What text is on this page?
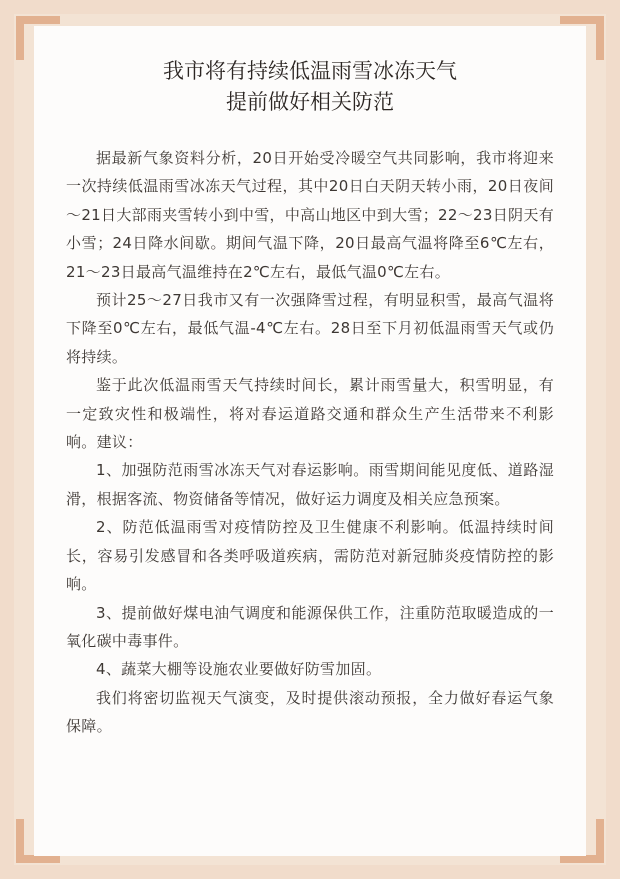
我市将有持续低温雨雪冰冻天气
提前做好相关防范

据最新气象资料分析，20日开始受冷暖空气共同影响，我市将迎来一次持续低温雨雪冰冻天气过程，其中20日白天阴天转小雨，20日夜间～21日大部雨夹雪转小到中雪，中高山地区中到大雪；22～23日阴天有小雪；24日降水间歇。期间气温下降，20日最高气温将降至6℃左右，21～23日最高气温维持在2℃左右，最低气温0℃左右。

预计25～27日我市又有一次强降雪过程，有明显积雪，最高气温将下降至0℃左右，最低气温-4℃左右。28日至下月初低温雨雪天气或仍将持续。

鉴于此次低温雨雪天气持续时间长，累计雨雪量大，积雪明显，有一定致灾性和极端性，将对春运道路交通和群众生产生活带来不利影响。建议：

1、加强防范雨雪冰冻天气对春运影响。雨雪期间能见度低、道路湿滑，根据客流、物资储备等情况，做好运力调度及相关应急预案。

2、防范低温雨雪对疫情防控及卫生健康不利影响。低温持续时间长，容易引发感冒和各类呼吸道疾病，需防范对新冠肺炎疫情防控的影响。

3、提前做好煤电油气调度和能源保供工作，注重防范取暖造成的一氧化碳中毒事件。

4、蔬菜大棚等设施农业要做好防雪加固。

我们将密切监视天气演变，及时提供滚动预报，全力做好春运气象保障。
